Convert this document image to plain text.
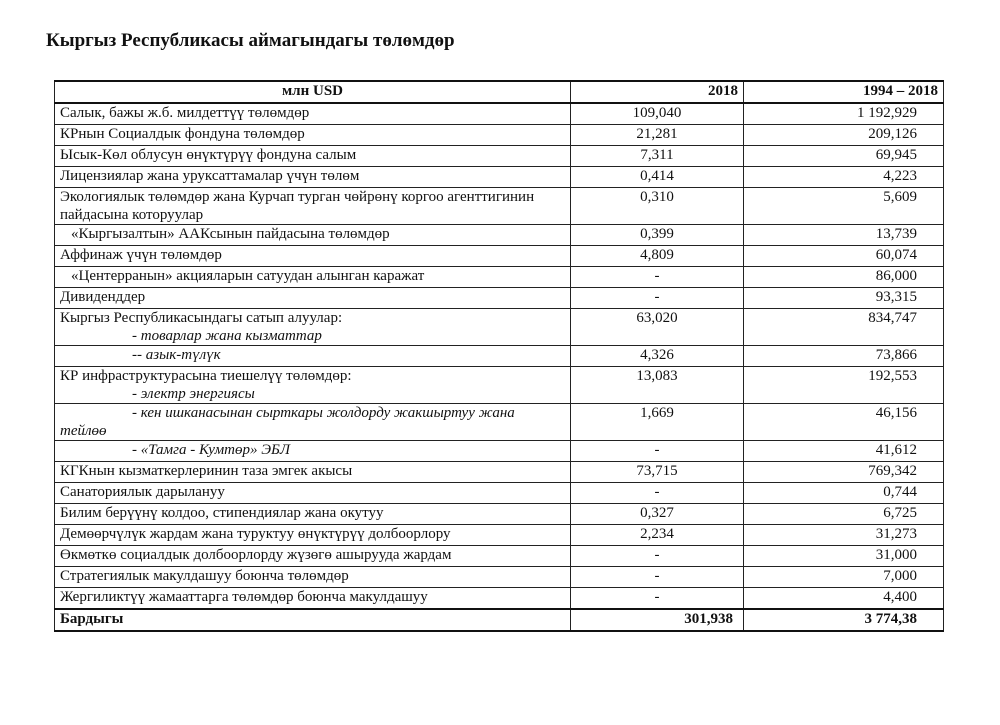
Кыргыз Республикасы аймагындагы төлөмдөр
млн USD	2018	1994 – 2018

Салык, бажы ж.б. милдеттүү төлөмдөр	109,040	1 192,929

КРнын Социалдык фондуна төлөмдөр	21,281	209,126

Ысык-Көл облусун өнүктүрүү фондуна салым	7,311	69,945

Лицензиялар жана уруксаттамалар үчүн төлөм	0,414	4,223

Экологиялык төлөмдөр жана Курчап турган чөйрөнү коргоо агенттигинин пайдасына которуулар	0,310	5,609

«Кыргызалтын» ААКсынын пайдасына төлөмдөр	0,399	13,739

Аффинаж үчүн төлөмдөр	4,809	60,074

«Центерранын» акцияларын сатуудан алынган каражат	-	86,000

Дивиденддер	-	93,315

Кыргыз Республикасындагы сатып алуулар:
- товарлар жана кызматтар	63,020	834,747

-- азык-түлүк	4,326	73,866

КР инфраструктурасына тиешелүү төлөмдөр:
- электр энергиясы	13,083	192,553

- кен ишканасынан сырткары жолдорду жакшыртуу жана тейлөө	1,669	46,156

- «Тамга - Кумтөр» ЭБЛ	-	41,612

КГКнын кызматкерлеринин таза эмгек акысы	73,715	769,342

Санаториялык дарылануу	-	0,744

Билим берүүнү колдоо, стипендиялар жана окутуу	0,327	6,725

Демөөрчүлүк жардам жана туруктуу өнүктүрүү долбоорлору	2,234	31,273

Өкмөткө социалдык долбоорлорду жүзөгө ашырууда жардам	-	31,000

Стратегиялык макулдашуу боюнча төлөмдөр	-	7,000

Жергиликтүү жамааттарга төлөмдөр боюнча макулдашуу	-	4,400
Бардыгы	301,938	3 774,38
